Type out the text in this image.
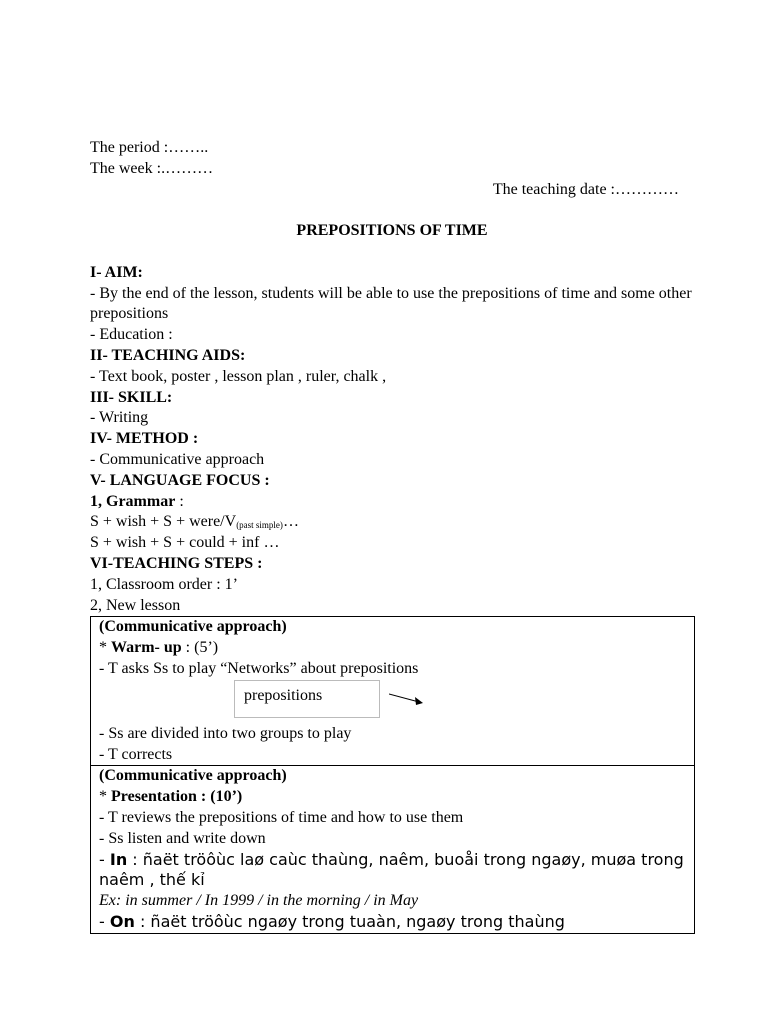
The period :……..
The week :.………
The teaching date :…………
PREPOSITIONS OF TIME
I- AIM:
- By the end of the lesson, students will be able to use the prepositions of time and some other prepositions
- Education :
II- TEACHING AIDS:
- Text book, poster , lesson plan , ruler, chalk ,
III- SKILL:
- Writing
IV- METHOD :
- Communicative approach
V- LANGUAGE FOCUS :
1, Grammar :
S + wish + S + were/$V_{(past simple)}\dots$
S + wish + S + could + inf …
VI-TEACHING STEPS :
1, Classroom order : 1’
2, New lesson
(Communicative approach)
* Warm- up : (5’)
- T asks Ss to play “Networks” about prepositions
prepositions
- Ss are divided into two groups to play
- T corrects
(Communicative approach)
* Presentation : (10’)
- T reviews the prepositions of time and how to use them
- Ss listen and write down
- In : ñaët tröôùc laø caùc thaùng, naêm, buoåi trong ngaøy, muøa trong naêm , thế kỉ
Ex: in summer / In 1999 / in the morning / in May
- On : ñaët tröôùc ngaøy trong tuaàn, ngaøy trong thaùng
